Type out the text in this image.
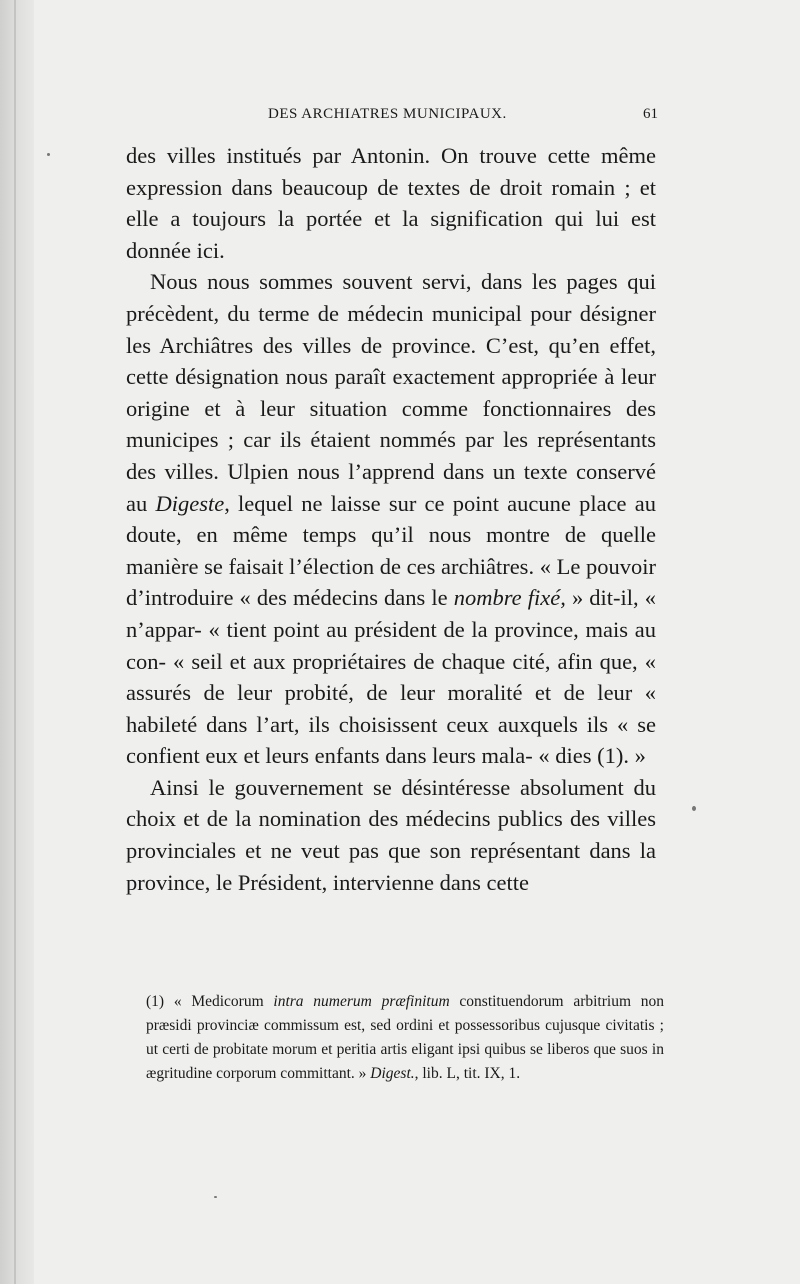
DES ARCHIATRES MUNICIPAUX.	61

des villes institués par Antonin. On trouve cette même expression dans beaucoup de textes de droit romain ; et elle a toujours la portée et la signification qui lui est donnée ici.

Nous nous sommes souvent servi, dans les pages qui précèdent, du terme de médecin municipal pour désigner les Archiâtres des villes de province. C’est, qu’en effet, cette désignation nous paraît exactement appropriée à leur origine et à leur situation comme fonctionnaires des municipes ; car ils étaient nommés par les représentants des villes. Ulpien nous l’apprend dans un texte conservé au Digeste, lequel ne laisse sur ce point aucune place au doute, en même temps qu’il nous montre de quelle manière se faisait l’élection de ces archiâtres. « Le pouvoir d’introduire « des médecins dans le nombre fixé, » dit-il, « n’appar- « tient point au président de la province, mais au con- « seil et aux propriétaires de chaque cité, afin que, « assurés de leur probité, de leur moralité et de leur « habileté dans l’art, ils choisissent ceux auxquels ils « se confient eux et leurs enfants dans leurs mala- « dies (1). »

Ainsi le gouvernement se désintéresse absolument du choix et de la nomination des médecins publics des villes provinciales et ne veut pas que son représentant dans la province, le Président, intervienne dans cette

(1) « Medicorum intra numerum præfinitum constituendorum arbitrium non præsidi provinciæ commissum est, sed ordini et possessoribus cujusque civitatis ; ut certi de probitate morum et peritia artis eligant ipsi quibus se liberos que suos in ægritudine corporum committant. » Digest., lib. L, tit. IX, 1.
